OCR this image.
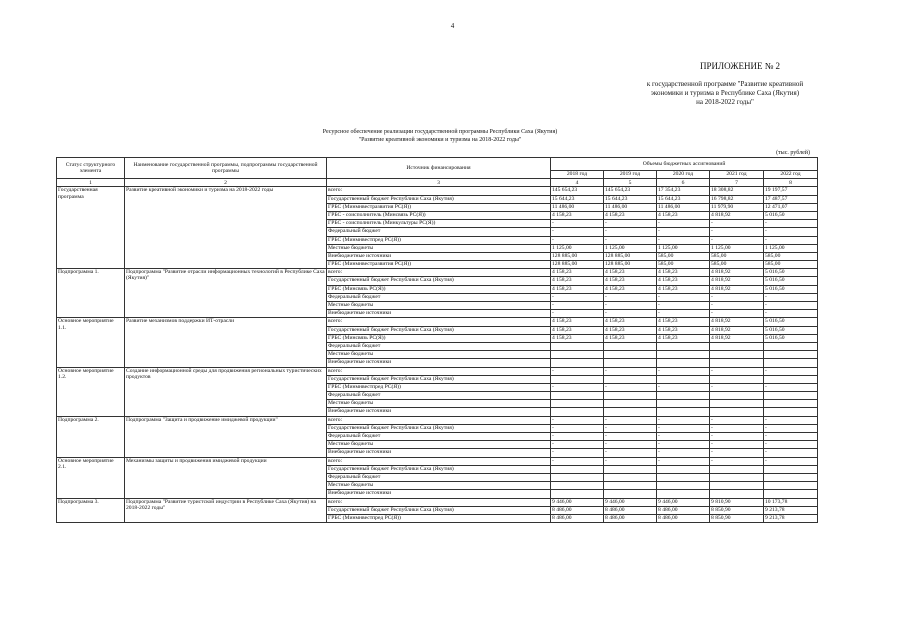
4
ПРИЛОЖЕНИЕ № 2
к государственной программе "Развитие креативной
экономики и туризма в Республике Саха (Якутия)
на 2018-2022 годы"
Ресурсное обеспечение реализации государственной программы Республики Саха (Якутия)
"Развитие креативной экономики и туризма на 2018-2022 годы"
(тыс. рублей)
Статус структурного элемента	Наименование государственной программы, подпрограммы государственной программы	Источник финансирования	Объемы бюджетных ассигнований				
			2018 год	2019 год	2020 год	2021 год	2022 год
1	2	3	4	5	6	7	8
Государственная программа	Развитие креативной экономики и туризма на 2018-2022 годы	всего:	145 654,23	145 654,23	17 354,23	18 308,82	19 197,57
		Государственный бюджет Республики Саха (Якутия)	15 644,23	15 644,23	15 644,23	16 798,82	17 487,57
		ГРБС (Минмнвестразвития РС(Я))	11 486,00	11 486,00	11 486,00	11 979,90	12 471,07
		ГРБС - соисполнитель (Минсвязь РС(Я))	4 158,23	4 158,23	4 158,23	4 818,92	5 016,50
		ГРБС - соисполнитель (Минкультуры РС(Я))	-	-	-	-	-
		Федеральный бюджет	-	-	-	-	-
		ГРБС (Минмнвестпред РС(Я))	-	-	-	-	-
		Местные бюджеты	1 125,00	1 125,00	1 125,00	1 125,00	1 125,00
		Внебюджетные источники	128 885,00	128 885,00	585,00	585,00	585,00
		ГРБС (Минмнвестразвития РС(Я))	128 885,00	128 885,00	585,00	585,00	585,00
Подпрограмма 1.	Подпрограмма "Развитие отрасли информационных технологий в Республике Саха (Якутия)"	всего:	4 158,23	4 158,23	4 158,23	4 818,92	5 016,50
		Государственный бюджет Республики Саха (Якутия)	4 158,23	4 158,23	4 158,23	4 818,92	5 016,50
		ГРБС (Минсвязь РС(Я))	4 158,23	4 158,23	4 158,23	4 818,92	5 016,50
		Федеральный бюджет	-	-	-	-	-
		Местные бюджеты	-	-	-	-	-
		Внебюджетные источники	-	-	-	-	-
Основное мероприятие 1.1.	Развитие механизмов поддержки ИТ-отрасли	всего:	4 158,23	4 158,23	4 158,23	4 818,92	5 016,50
		Государственный бюджет Республики Саха (Якутия)	4 158,23	4 158,23	4 158,23	4 818,92	5 016,50
		ГРБС (Минсвязь РС(Я))	4 158,23	4 158,23	4 158,23	4 818,92	5 016,50
		Федеральный бюджет					
		Местные бюджеты					
		Внебюджетные источники					
Основное мероприятие 1.2.	Создание информационной среды для продвижения региональных туристических продуктов	всего:	-	-	-	-	-
		Государственный бюджет Республики Саха (Якутия)					
		ГРБС (Минмнвестпред РС(Я))	-	-	-	-	-
		Федеральный бюджет					
		Местные бюджеты					
		Внебюджетные источники					
Подпрограмма 2.	Подпрограмма "Защита и продвижение имиджевой продукции"	всего:	-	-	-	-	-
		Государственный бюджет Республики Саха (Якутия)	-	-	-	-	-
		Федеральный бюджет	-	-	-	-	-
		Местные бюджеты	-	-	-	-	-
		Внебюджетные источники	-	-	-	-	-
Основное мероприятие 2.1.	Механизмы защиты и продвижения имиджевой продукции	всего:	-	-	-	-	-
		Государственный бюджет Республики Саха (Якутия)					
		Федеральный бюджет					
		Местные бюджеты					
		Внебюджетные источники					
Подпрограмма 3.	Подпрограмма "Развитие туристской индустрии в Республике Саха (Якутия) на 2018-2022 годы"	всего:	9 446,00	9 446,00	9 446,00	9 810,90	10 173,78
		Государственный бюджет Республики Саха (Якутия)	8 486,00	8 486,00	8 486,00	8 850,90	9 213,78
		ГРБС (Минмнвестпред РС(Я))	8 486,00	8 486,00	8 486,00	8 850,90	9 213,78
